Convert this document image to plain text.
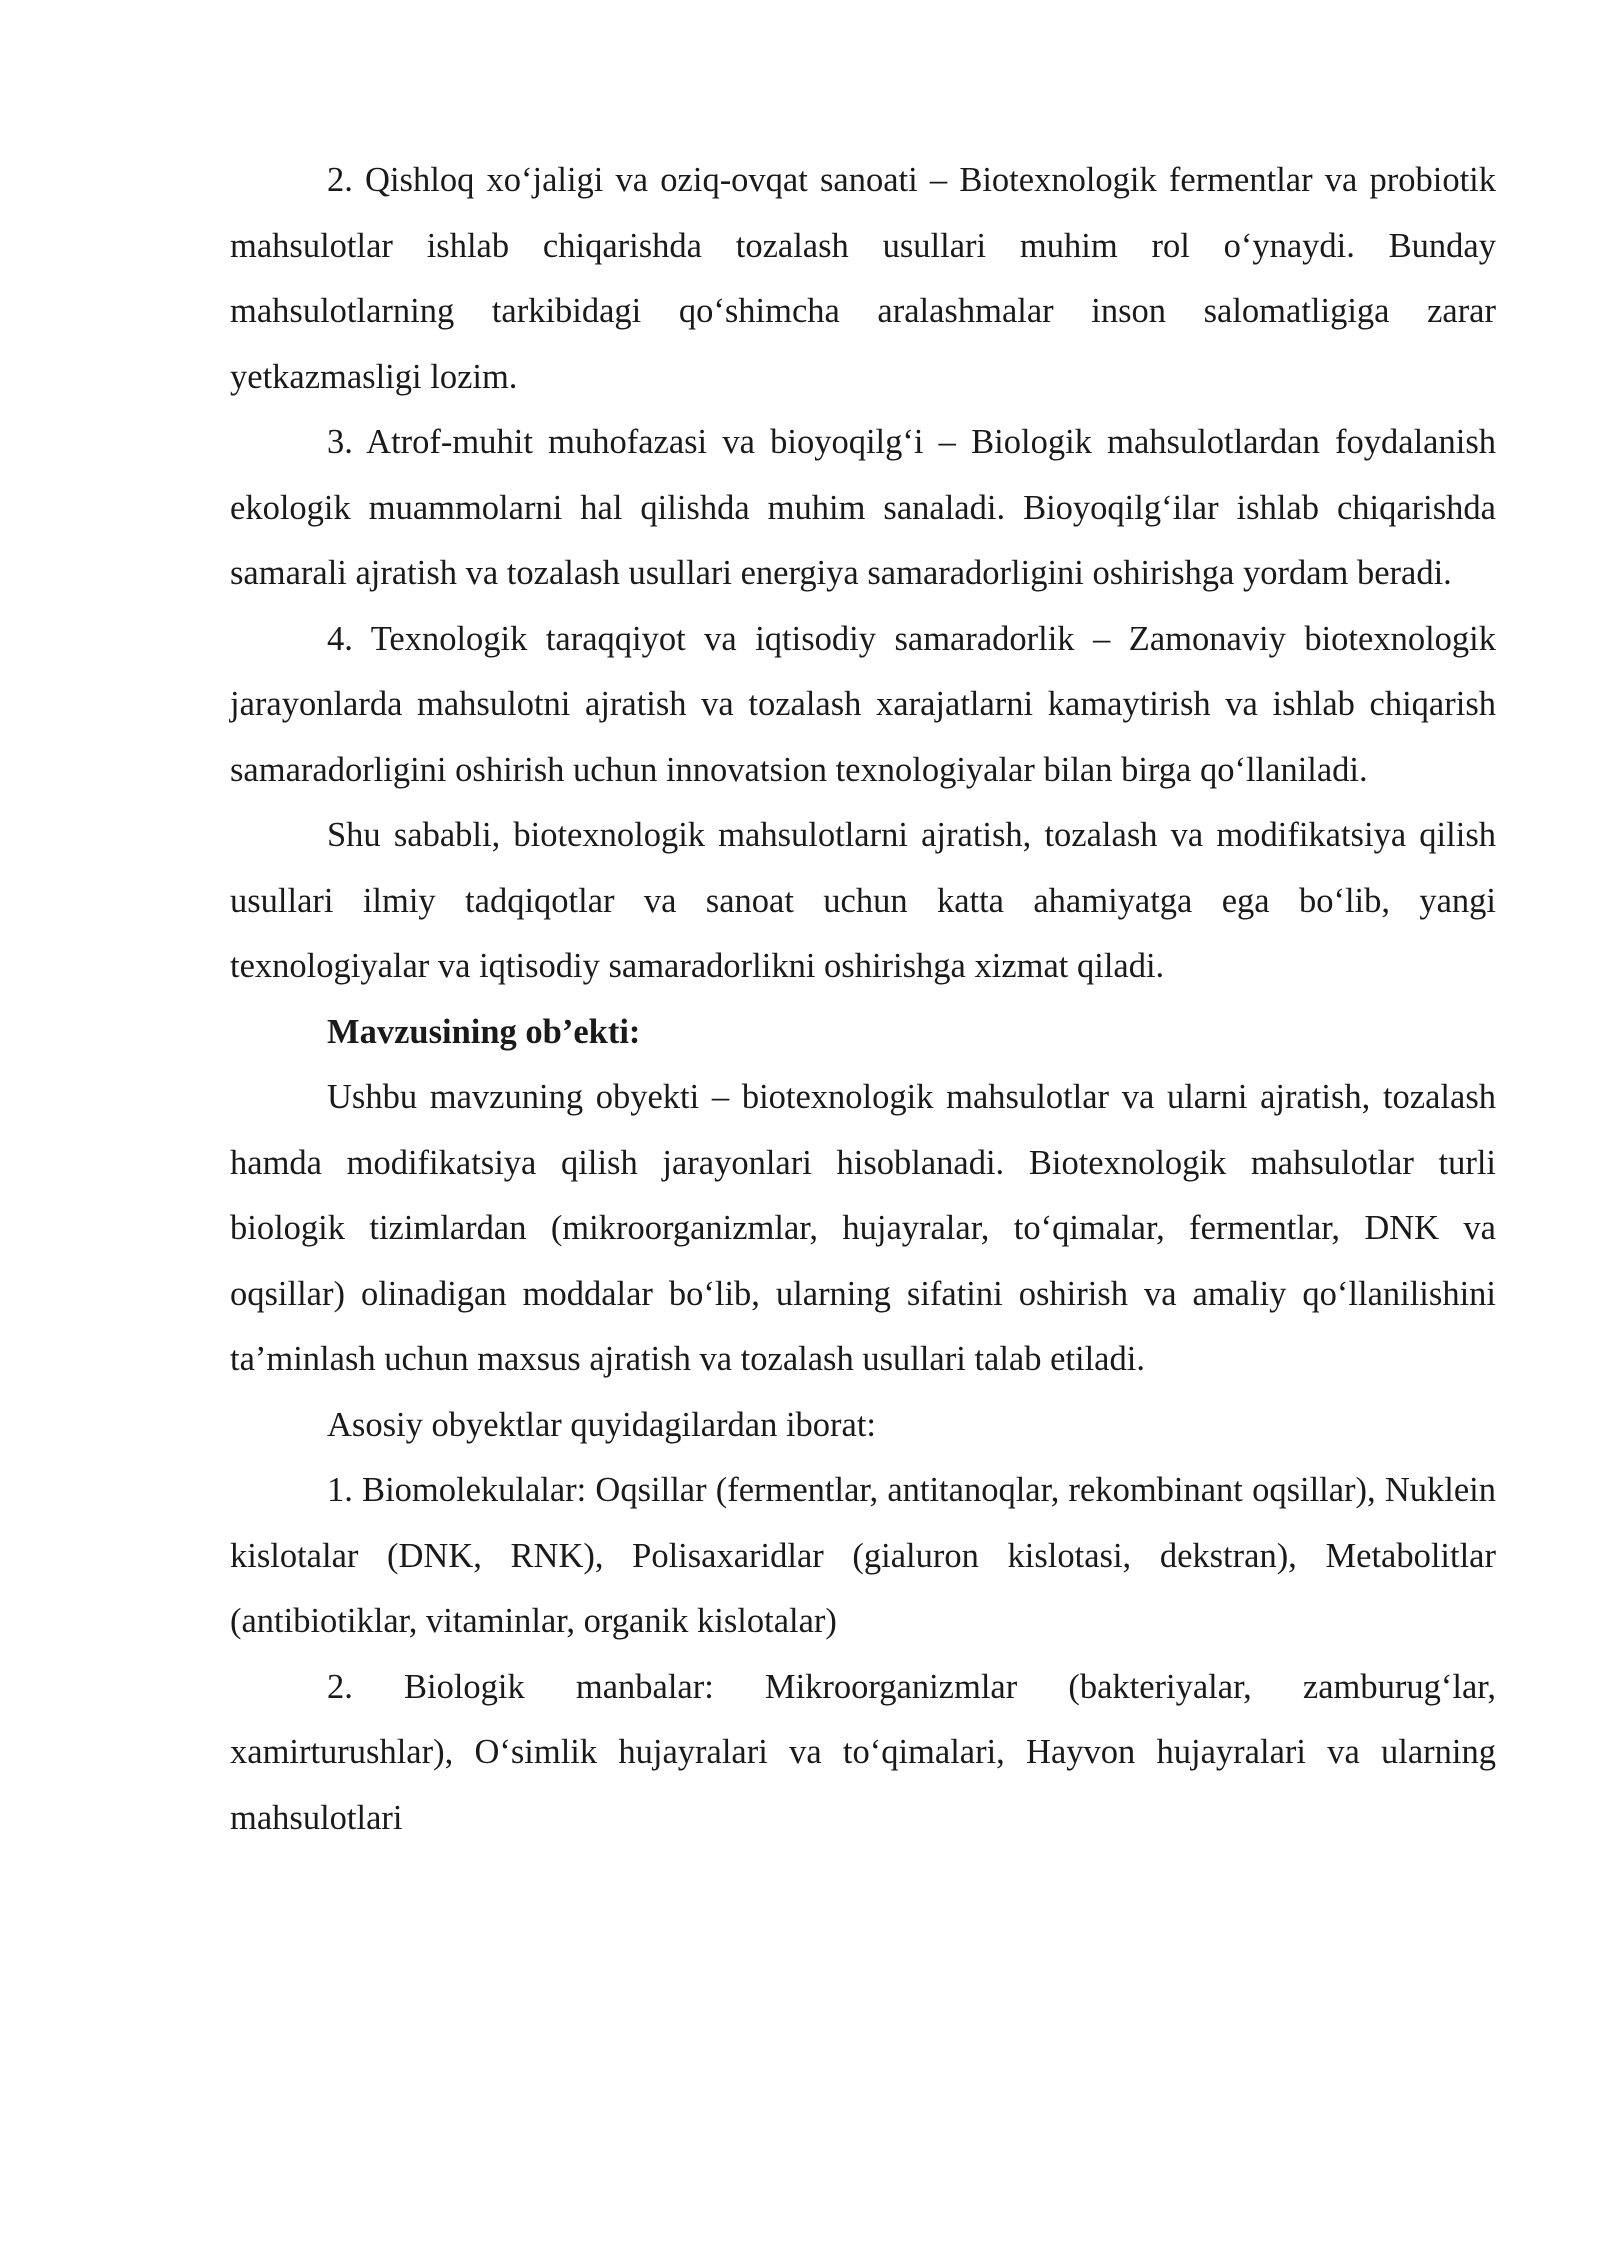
2. Qishloq xo‘jaligi va oziq-ovqat sanoati – Biotexnologik fermentlar va probiotik mahsulotlar ishlab chiqarishda tozalash usullari muhim rol o‘ynaydi. Bunday mahsulotlarning tarkibidagi qo‘shimcha aralashmalar inson salomatligiga zarar yetkazmasligi lozim.

3. Atrof-muhit muhofazasi va bioyoqilg‘i – Biologik mahsulotlardan foydalanish ekologik muammolarni hal qilishda muhim sanaladi. Bioyoqilg‘ilar ishlab chiqarishda samarali ajratish va tozalash usullari energiya samaradorligini oshirishga yordam beradi.

4. Texnologik taraqqiyot va iqtisodiy samaradorlik – Zamonaviy biotexnologik jarayonlarda mahsulotni ajratish va tozalash xarajatlarni kamaytirish va ishlab chiqarish samaradorligini oshirish uchun innovatsion texnologiyalar bilan birga qo‘llaniladi.

Shu sababli, biotexnologik mahsulotlarni ajratish, tozalash va modifikatsiya qilish usullari ilmiy tadqiqotlar va sanoat uchun katta ahamiyatga ega bo‘lib, yangi texnologiyalar va iqtisodiy samaradorlikni oshirishga xizmat qiladi.

Mavzusining ob’ekti:

Ushbu mavzuning obyekti – biotexnologik mahsulotlar va ularni ajratish, tozalash hamda modifikatsiya qilish jarayonlari hisoblanadi. Biotexnologik mahsulotlar turli biologik tizimlardan (mikroorganizmlar, hujayralar, to‘qimalar, fermentlar, DNK va oqsillar) olinadigan moddalar bo‘lib, ularning sifatini oshirish va amaliy qo‘llanilishini ta’minlash uchun maxsus ajratish va tozalash usullari talab etiladi.

Asosiy obyektlar quyidagilardan iborat:

1. Biomolekulalar: Oqsillar (fermentlar, antitanoqlar, rekombinant oqsillar), Nuklein kislotalar (DNK, RNK), Polisaxaridlar (gialuron kislotasi, dekstran), Metabolitlar (antibiotiklar, vitaminlar, organik kislotalar)

2. Biologik manbalar: Mikroorganizmlar (bakteriyalar, zamburug‘lar, xamirturushlar), O‘simlik hujayralari va to‘qimalari, Hayvon hujayralari va ularning mahsulotlari
